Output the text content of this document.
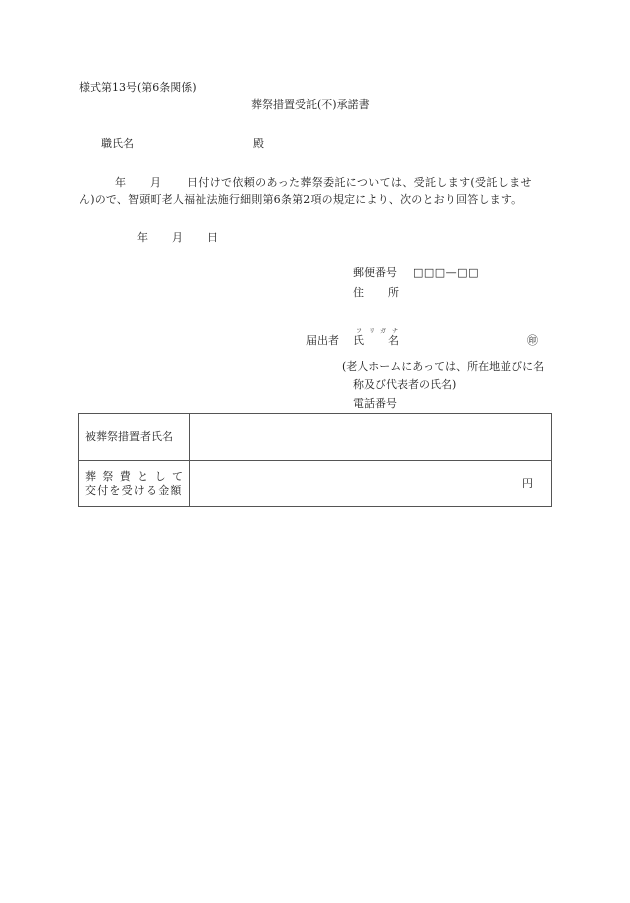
様式第13号(第6条関係)
葬祭措置受託(不)承諾書
職氏名	殿
年 月 日付けで依頼のあった葬祭委託については、受託します(受託しませ
ん)ので、智頭町老人福祉法施行細則第6条第2項の規定により、次のとおり回答します。
年 月 日
郵便番号 □□□—□□
住 所
届出者 氏 名
フ リ ガ ナ
㊞
(老人ホームにあっては、所在地並びに名
称及び代表者の氏名)
電話番号
被葬祭措置者氏名	

葬 祭 費 と し て
交付を受ける金額
	円
